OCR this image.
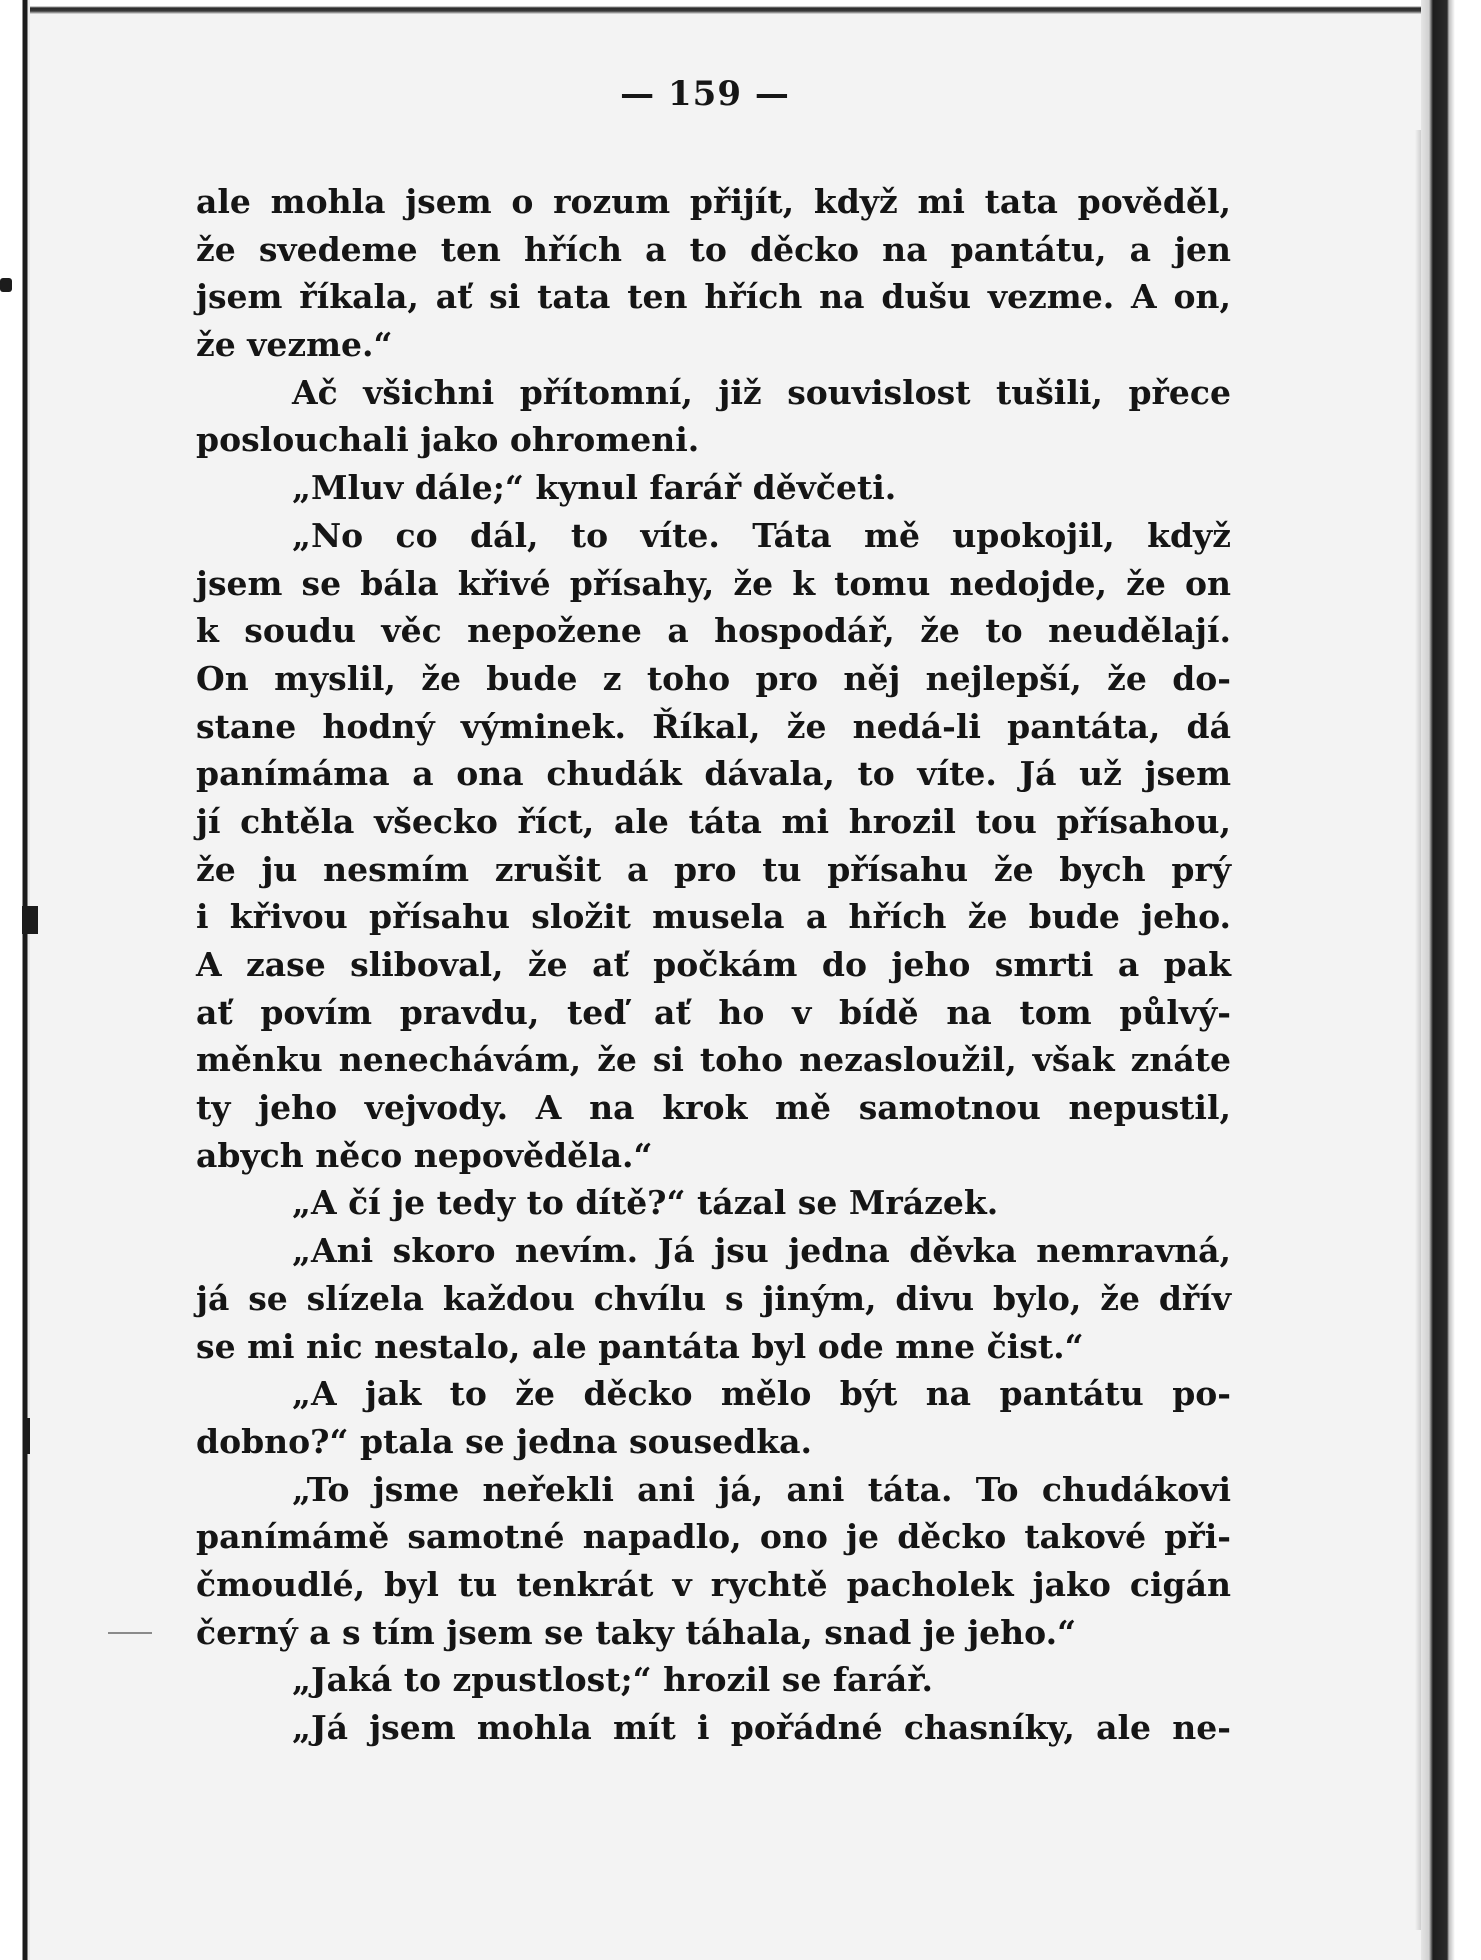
— 159 —
ale mohla jsem o rozum přijít, když mi tata pověděl,
že svedeme ten hřích a to děcko na pantátu, a jen
jsem říkala, ať si tata ten hřích na dušu vezme. A on,
že vezme.“
Ač všichni přítomní, již souvislost tušili, přece
poslouchali jako ohromeni.
„Mluv dále;“ kynul farář děvčeti.
„No co dál, to víte. Táta mě upokojil, když
jsem se bála křivé přísahy, že k tomu nedojde, že on
k soudu věc nepožene a hospodář, že to neudělají.
On myslil, že bude z toho pro něj nejlepší, že do-
stane hodný výminek. Říkal, že nedá-li pantáta, dá
panímáma a ona chudák dávala, to víte. Já už jsem
jí chtěla všecko říct, ale táta mi hrozil tou přísahou,
že ju nesmím zrušit a pro tu přísahu že bych prý
i křivou přísahu složit musela a hřích že bude jeho.
A zase sliboval, že ať počkám do jeho smrti a pak
ať povím pravdu, teď ať ho v bídě na tom půlvý-
měnku nenechávám, že si toho nezasloužil, však znáte
ty jeho vejvody. A na krok mě samotnou nepustil,
abych něco nepověděla.“
„A čí je tedy to dítě?“ tázal se Mrázek.
„Ani skoro nevím. Já jsu jedna děvka nemravná,
já se slízela každou chvílu s jiným, divu bylo, že dřív
se mi nic nestalo, ale pantáta byl ode mne čist.“
„A jak to že děcko mělo být na pantátu po-
dobno?“ ptala se jedna sousedka.
„To jsme neřekli ani já, ani táta. To chudákovi
panímámě samotné napadlo, ono je děcko takové při-
čmoudlé, byl tu tenkrát v rychtě pacholek jako cigán
černý a s tím jsem se taky táhala, snad je jeho.“
„Jaká to zpustlost;“ hrozil se farář.
„Já jsem mohla mít i pořádné chasníky, ale ne-
